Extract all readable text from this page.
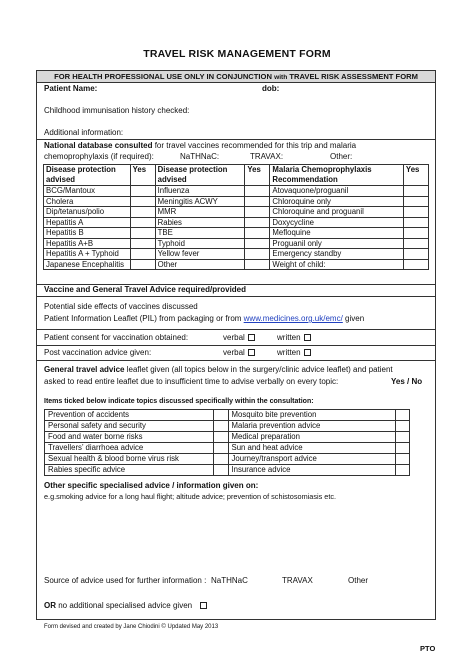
TRAVEL RISK MANAGEMENT FORM
FOR HEALTH PROFESSIONAL USE ONLY IN CONJUNCTION with TRAVEL RISK ASSESSMENT FORM
Patient Name:	dob:
Childhood immunisation history checked:
Additional information:
National database consulted for travel vaccines recommended for this trip and malaria
chemoprophylaxis (if required):	NaTHNaC:	TRAVAX:	Other:
Disease protection advised	Yes	Disease protection advised	Yes	Malaria Chemoprophylaxis Recommendation	Yes
BCG/Mantoux		Influenza		Atovaquone/proguanil	
Cholera		Meningitis ACWY		Chloroquine only	
Dip/tetanus/polio		MMR		Chloroquine and proguanil	
Hepatitis A		Rabies		Doxycycline	
Hepatitis B		TBE		Mefloquine	
Hepatitis A+B		Typhoid		Proguanil only	
Hepatitis A + Typhoid		Yellow fever		Emergency standby	
Japanese Encephalitis		Other		Weight of child:	
Vaccine and General Travel Advice required/provided
Potential side effects of vaccines discussed
Patient Information Leaflet (PIL) from packaging or from www.medicines.org.uk/emc/ given
Patient consent for vaccination obtained:	verbal	written
Post vaccination advice given:	verbal	written
General travel advice leaflet given (all topics below in the surgery/clinic advice leaflet) and patient
asked to read entire leaflet due to insufficient time to advise verbally on every topic:	Yes / No
Items ticked below indicate topics discussed specifically within the consultation:
Prevention of accidents		Mosquito bite prevention	
Personal safety and security		Malaria prevention advice	
Food and water borne risks		Medical preparation	
Travellers’ diarrhoea advice		Sun and heat advice	
Sexual health & blood borne virus risk		Journey/transport advice	
Rabies specific advice		Insurance advice	
Other specific specialised advice / information given on:
e.g.smoking advice for a long haul flight; altitude advice; prevention of schistosomiasis etc.
Source of advice used for further information : NaTHNaC	TRAVAX	Other
OR no additional specialised advice given
Form devised and created by Jane Chiodini © Updated May 2013
PTO
